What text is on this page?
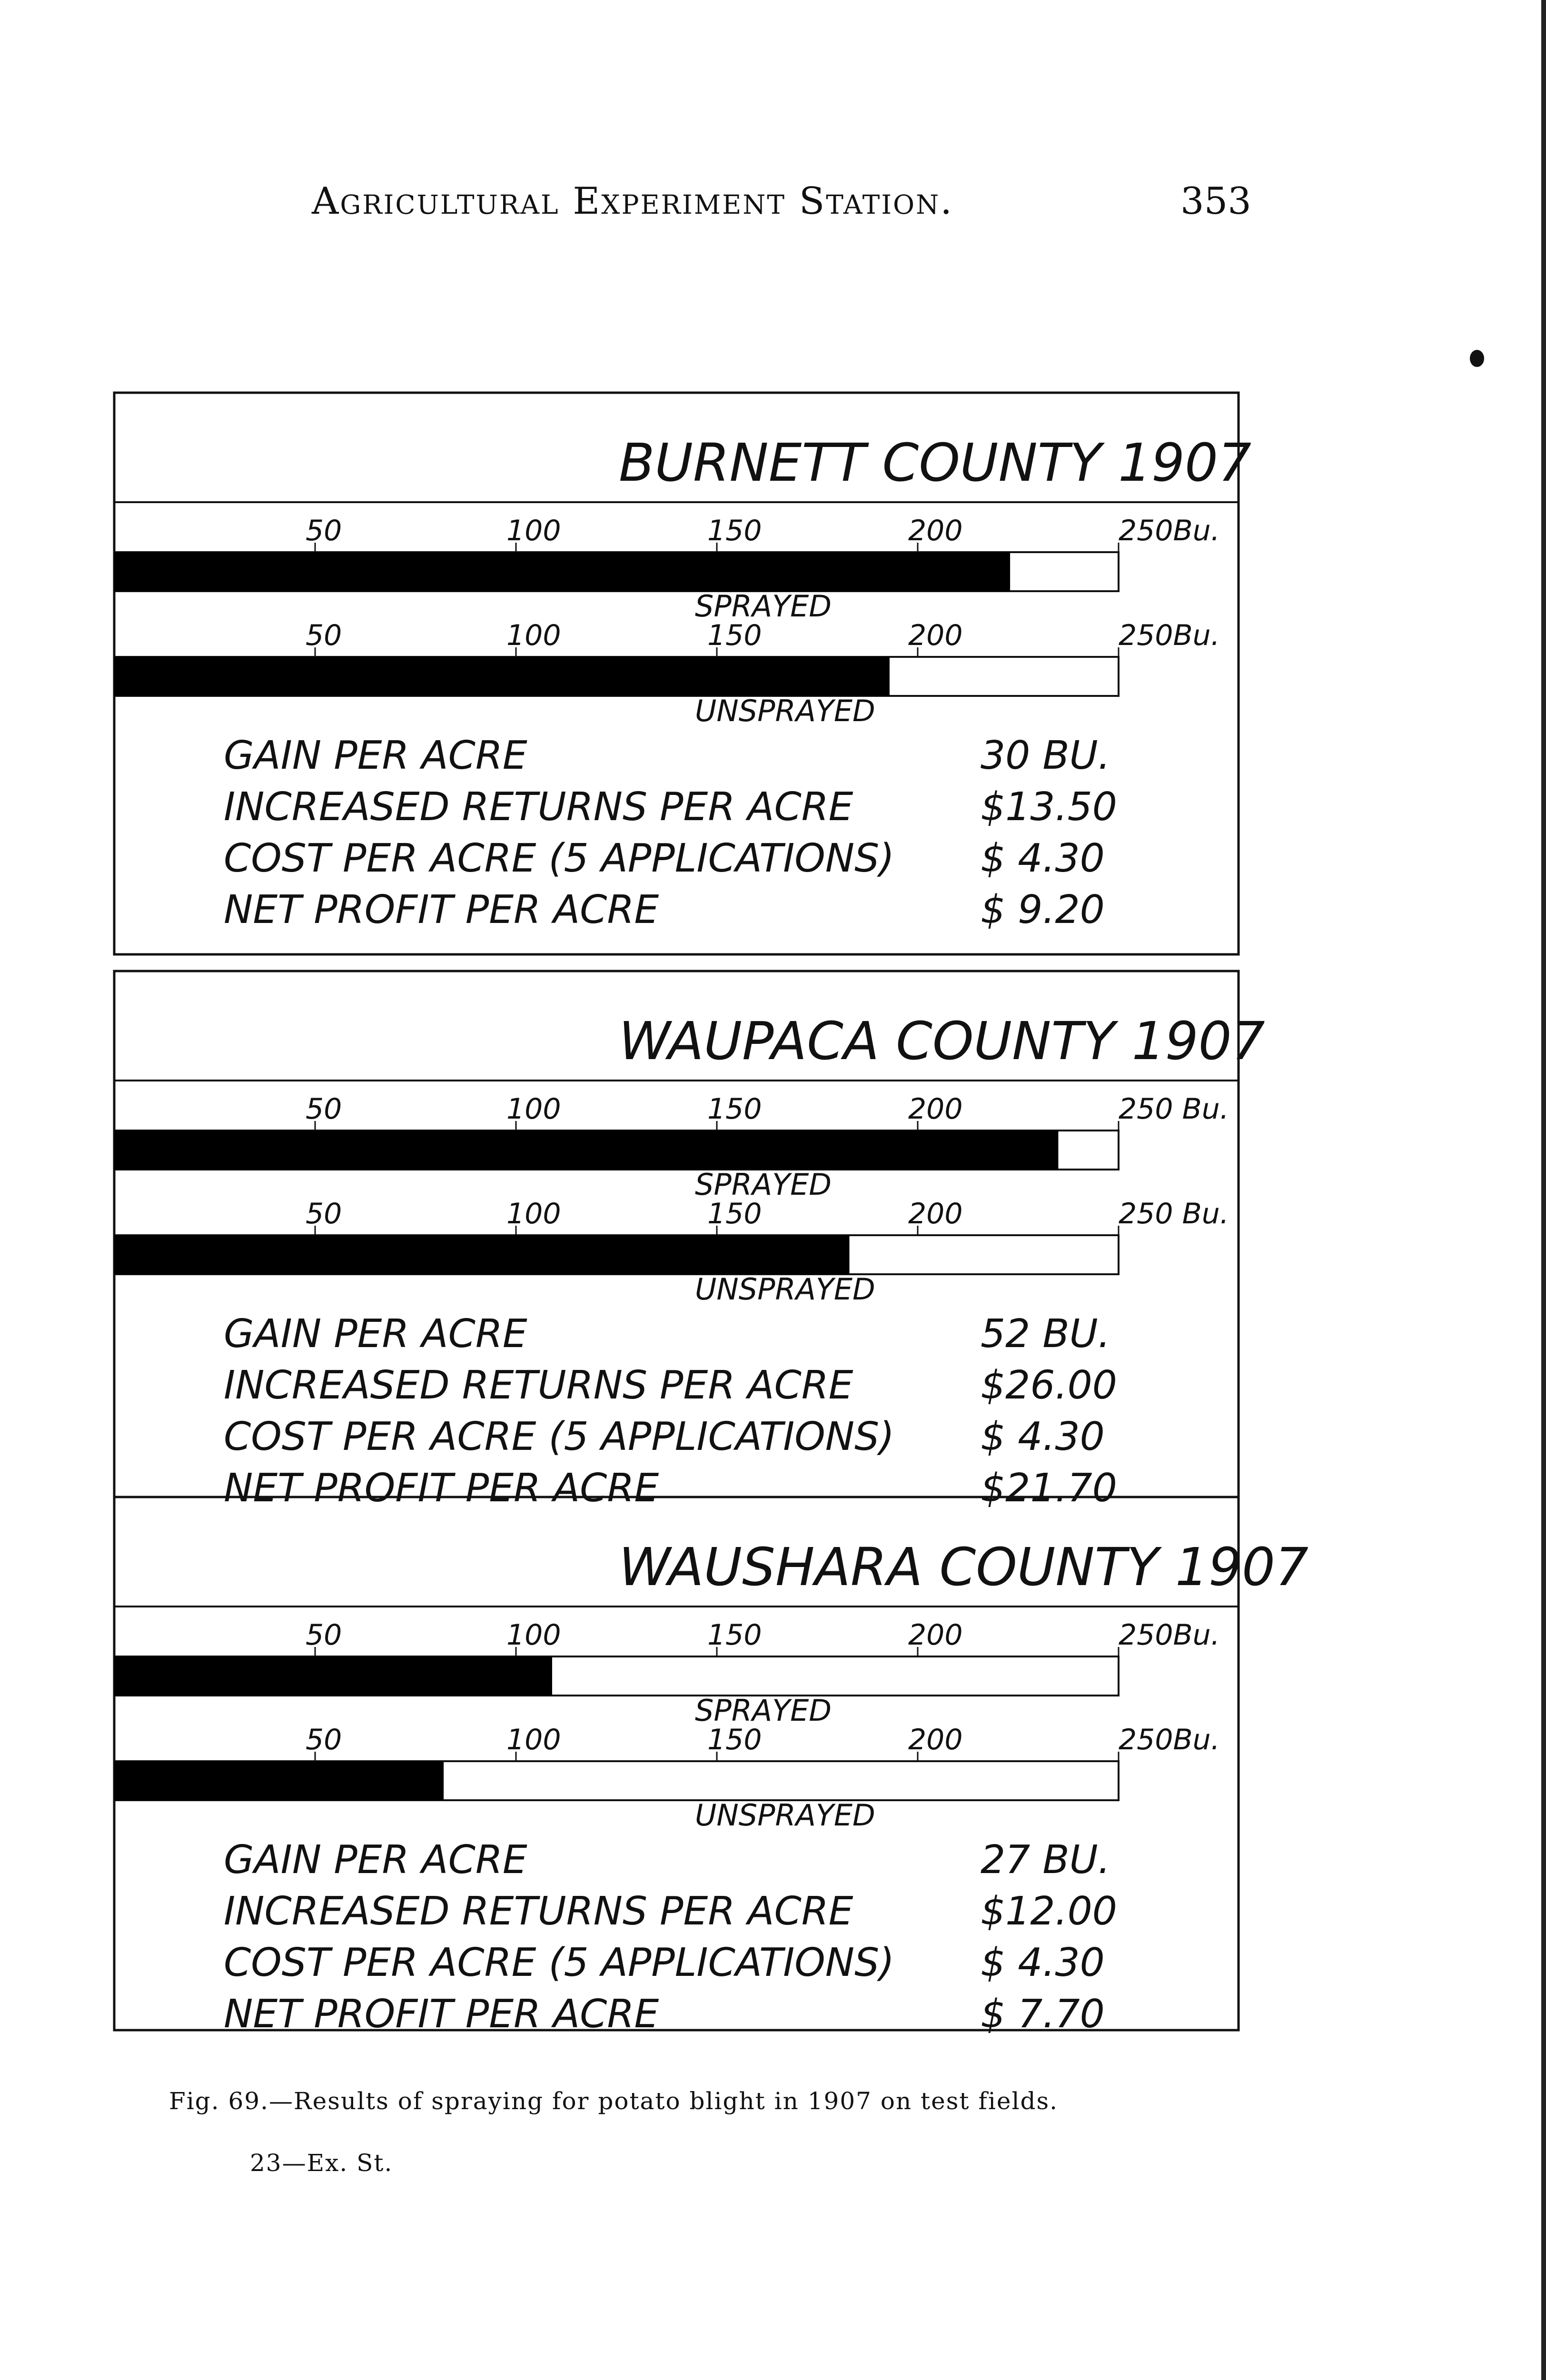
Agricultural Experiment Station.	353
BURNETT COUNTY 1907
50	100	150	200	250Bu.
SPRAYED
50	100	150	200	250Bu.
UNSPRAYED
GAIN PER ACRE	30 BU.
INCREASED RETURNS PER ACRE	$13.50
COST PER ACRE (5 APPLICATIONS) $ 4.30
NET PROFIT PER ACRE	$ 9.20
WAUPACA COUNTY 1907
50	100	150	200	250 Bu.
SPRAYED
50	100	150	200	250 Bu.
UNSPRAYED
GAIN PER ACRE	52 BU.
INCREASED RETURNS PER ACRE	$26.00
COST PER ACRE (5 APPLICATIONS) $ 4.30
NET PROFIT PER ACRE	$21.70
WAUSHARA COUNTY 1907
50	100	150	200	250Bu.
SPRAYED
50	100	150	200	250Bu.
UNSPRAYED
GAIN PER ACRE	27 BU.
INCREASED RETURNS PER ACRE	$12.00
COST PER ACRE (5 APPLICATIONS) $ 4.30
NET PROFIT PER ACRE	$ 7.70
Fig. 69.—Results of spraying for potato blight in 1907 on test fields.
23—Ex. St.
